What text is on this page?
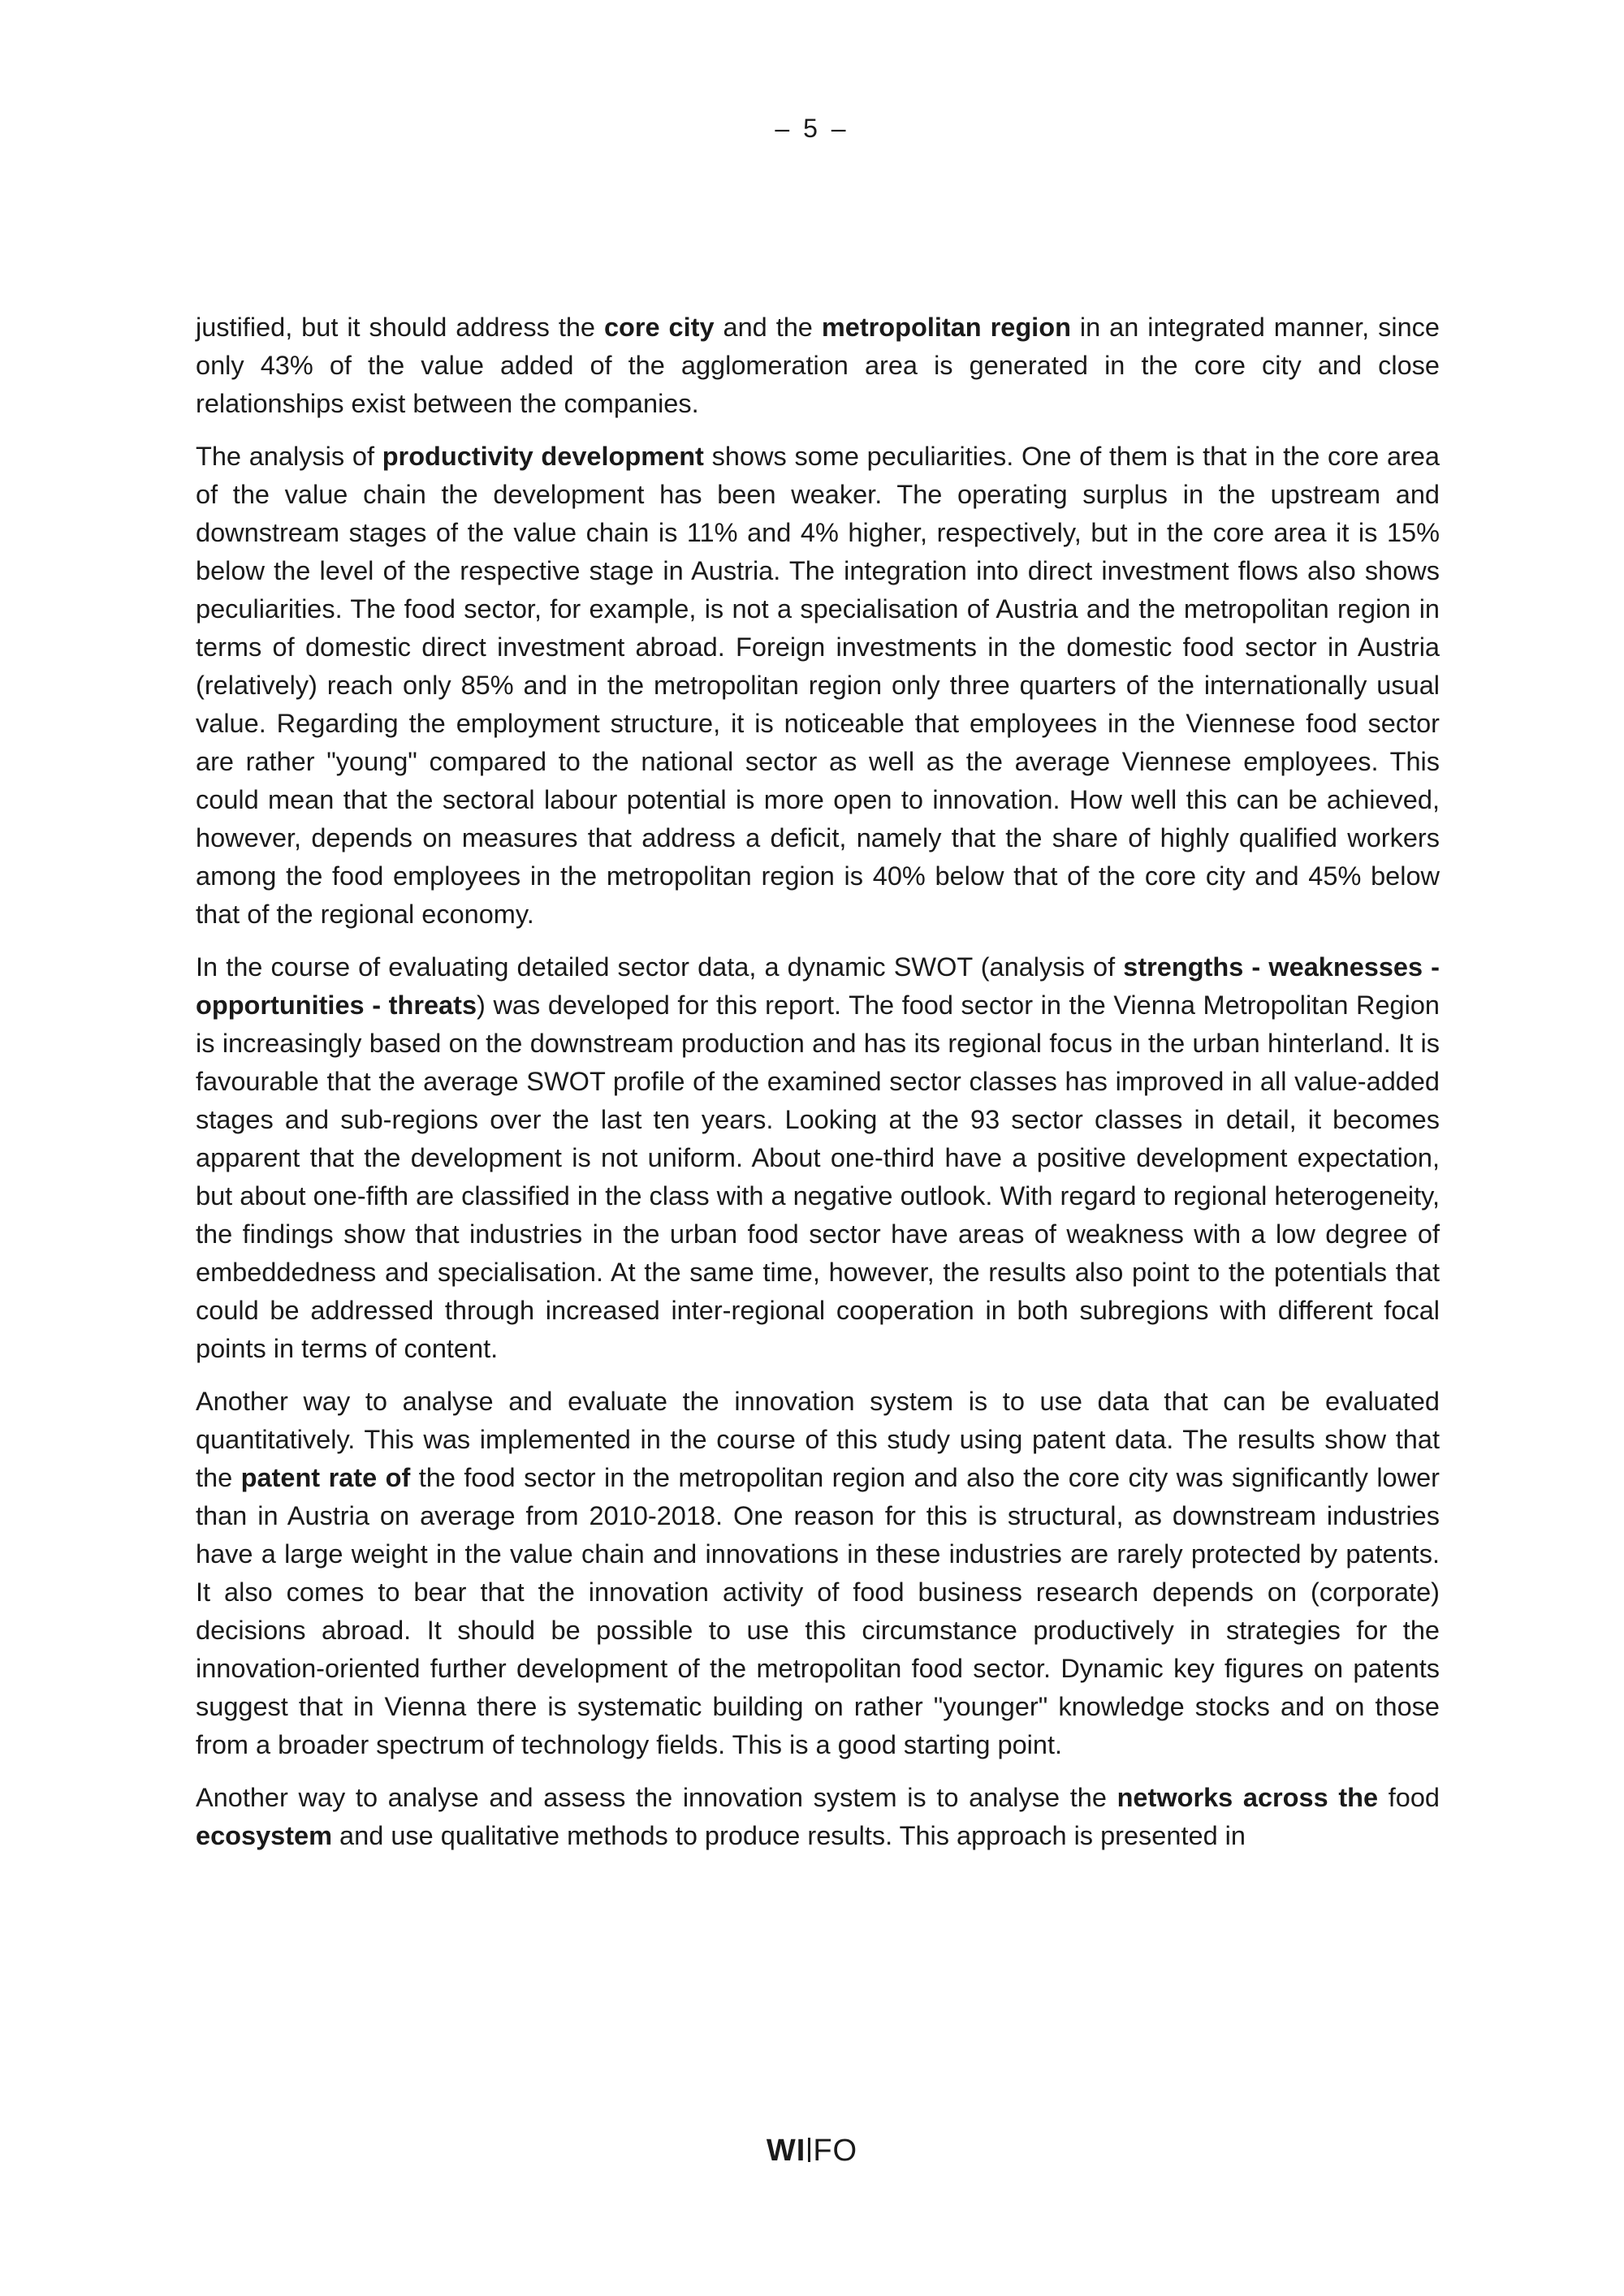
– 5 –

justified, but it should address the core city and the metropolitan region in an integrated manner, since only 43% of the value added of the agglomeration area is generated in the core city and close relationships exist between the companies.

The analysis of productivity development shows some peculiarities. One of them is that in the core area of the value chain the development has been weaker. The operating surplus in the upstream and downstream stages of the value chain is 11% and 4% higher, respectively, but in the core area it is 15% below the level of the respective stage in Austria. The integration into direct investment flows also shows peculiarities. The food sector, for example, is not a specialisation of Austria and the metropolitan region in terms of domestic direct investment abroad. Foreign investments in the domestic food sector in Austria (relatively) reach only 85% and in the metropolitan region only three quarters of the internationally usual value. Regarding the employment structure, it is noticeable that employees in the Viennese food sector are rather "young" compared to the national sector as well as the average Viennese employees. This could mean that the sectoral labour potential is more open to innovation. How well this can be achieved, however, depends on measures that address a deficit, namely that the share of highly qualified workers among the food employees in the metropolitan region is 40% below that of the core city and 45% below that of the regional economy.

In the course of evaluating detailed sector data, a dynamic SWOT (analysis of strengths - weaknesses - opportunities - threats) was developed for this report. The food sector in the Vienna Metropolitan Region is increasingly based on the downstream production and has its regional focus in the urban hinterland. It is favourable that the average SWOT profile of the examined sector classes has improved in all value-added stages and sub-regions over the last ten years. Looking at the 93 sector classes in detail, it becomes apparent that the development is not uniform. About one-third have a positive development expectation, but about one-fifth are classified in the class with a negative outlook. With regard to regional heterogeneity, the findings show that industries in the urban food sector have areas of weakness with a low degree of embeddedness and specialisation. At the same time, however, the results also point to the potentials that could be addressed through increased inter-regional cooperation in both subregions with different focal points in terms of content.

Another way to analyse and evaluate the innovation system is to use data that can be evaluated quantitatively. This was implemented in the course of this study using patent data. The results show that the patent rate of the food sector in the metropolitan region and also the core city was significantly lower than in Austria on average from 2010-2018. One reason for this is structural, as downstream industries have a large weight in the value chain and innovations in these industries are rarely protected by patents. It also comes to bear that the innovation activity of food business research depends on (corporate) decisions abroad. It should be possible to use this circumstance productively in strategies for the innovation-oriented further development of the metropolitan food sector. Dynamic key figures on patents suggest that in Vienna there is systematic building on rather "younger" knowledge stocks and on those from a broader spectrum of technology fields. This is a good starting point.

Another way to analyse and assess the innovation system is to analyse the networks across the food ecosystem and use qualitative methods to produce results. This approach is presented in

WI FO
